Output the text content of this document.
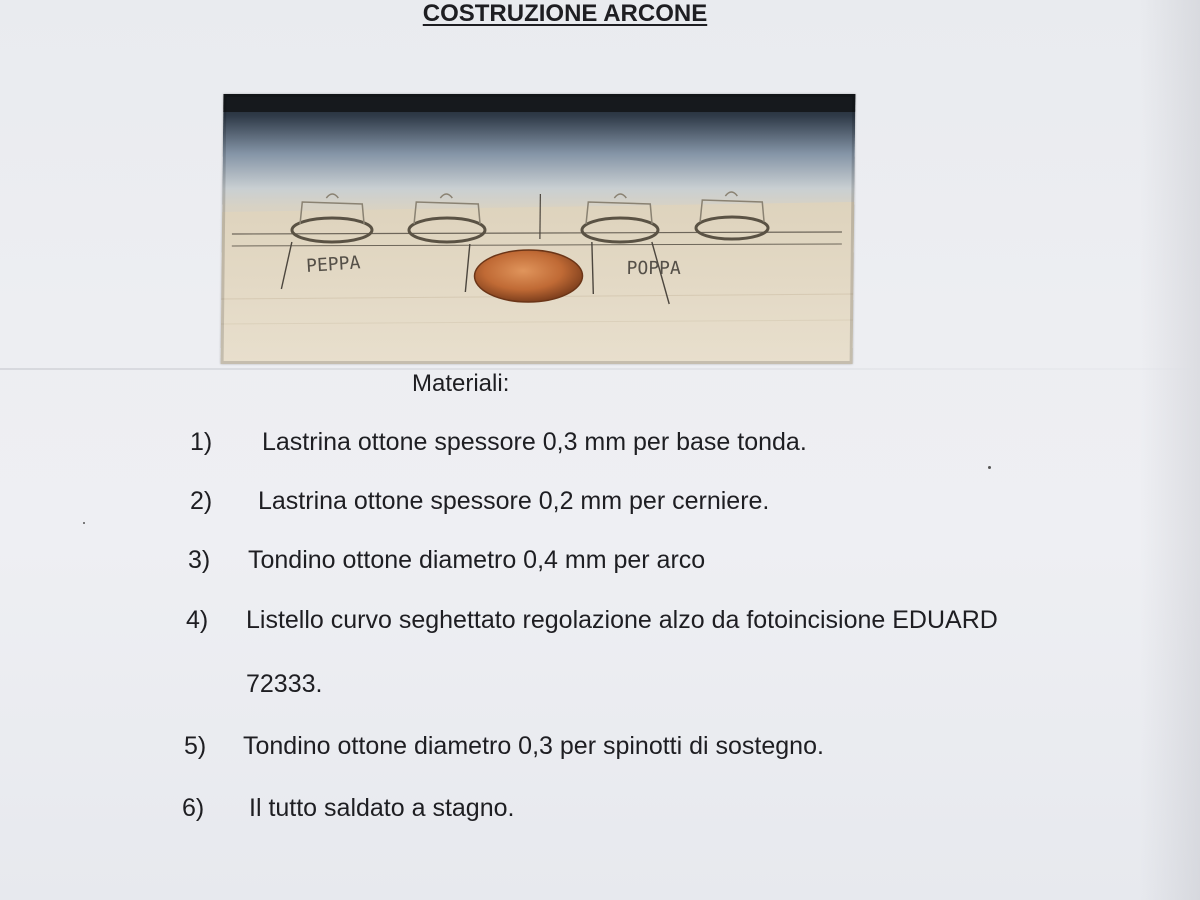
COSTRUZIONE ARCONE
PEPPA	POPPA
Materiali:
1) Lastrina ottone spessore 0,3 mm per base tonda.
2) Lastrina ottone spessore 0,2 mm per cerniere.
3) Tondino ottone diametro 0,4 mm per arco
4) Listello curvo seghettato regolazione alzo da fotoincisione EDUARD
72333.
5) Tondino ottone diametro 0,3 per spinotti di sostegno.
6) Il tutto saldato a stagno.
